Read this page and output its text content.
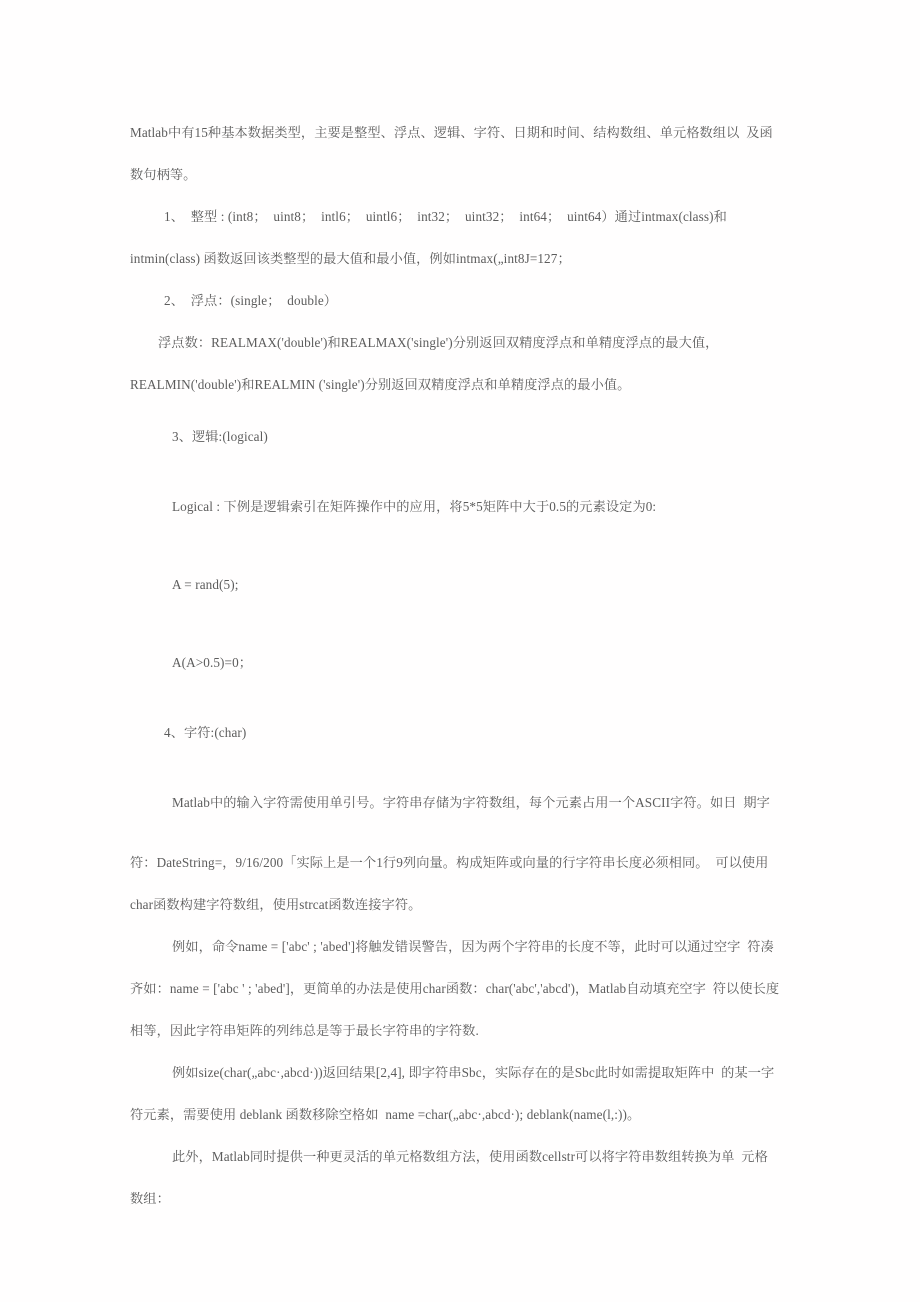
Matlab中有15种基本数据类型，主要是整型、浮点、逻辑、字符、日期和时间、结构数组、单元格数组以  及函
数句柄等。
1、  整型 : (int8；  uint8；  intl6；  uintl6；  int32；  uint32；  int64；  uint64）通过intmax(class)和
intmin(class) 函数返回该类整型的最大值和最小值，例如intmax(„int8J=127；
2、  浮点：(single；  double）
浮点数：REALMAX('double')和REALMAX('single')分别返回双精度浮点和单精度浮点的最大值，
REALMIN('double')和REALMIN ('single')分别返回双精度浮点和单精度浮点的最小值。
3、逻辑:(logical)
Logical : 下例是逻辑索引在矩阵操作中的应用，将5*5矩阵中大于0.5的元素设定为0:
A = rand(5);
A(A>0.5)=0；
4、字符:(char)
Matlab中的输入字符需使用单引号。字符串存储为字符数组，每个元素占用一个ASCII字符。如日  期字
符：DateString=，9/16/200「实际上是一个1行9列向量。构成矩阵或向量的行字符串长度必须相同。  可以使用
char函数构建字符数组，使用strcat函数连接字符。
例如，命令name = ['abc' ; 'abed']将触发错误警告，因为两个字符串的长度不等，此时可以通过空字  符凑
齐如：name = ['abc ' ; 'abed']，更简单的办法是使用char函数：char('abc','abcd')，Matlab自动填充空字  符以使长度
相等，因此字符串矩阵的列纬总是等于最长字符串的字符数.
例如size(char(„abc·,abcd·))返回结果[2,4], 即字符串Sbc，实际存在的是Sbc此时如需提取矩阵中  的某一字
符元素，需要使用 deblank 函数移除空格如  name =char(„abc·,abcd·); deblank(name(l,:))。
此外，Matlab同时提供一种更灵活的单元格数组方法，使用函数cellstr可以将字符串数组转换为单  元格
数组：
